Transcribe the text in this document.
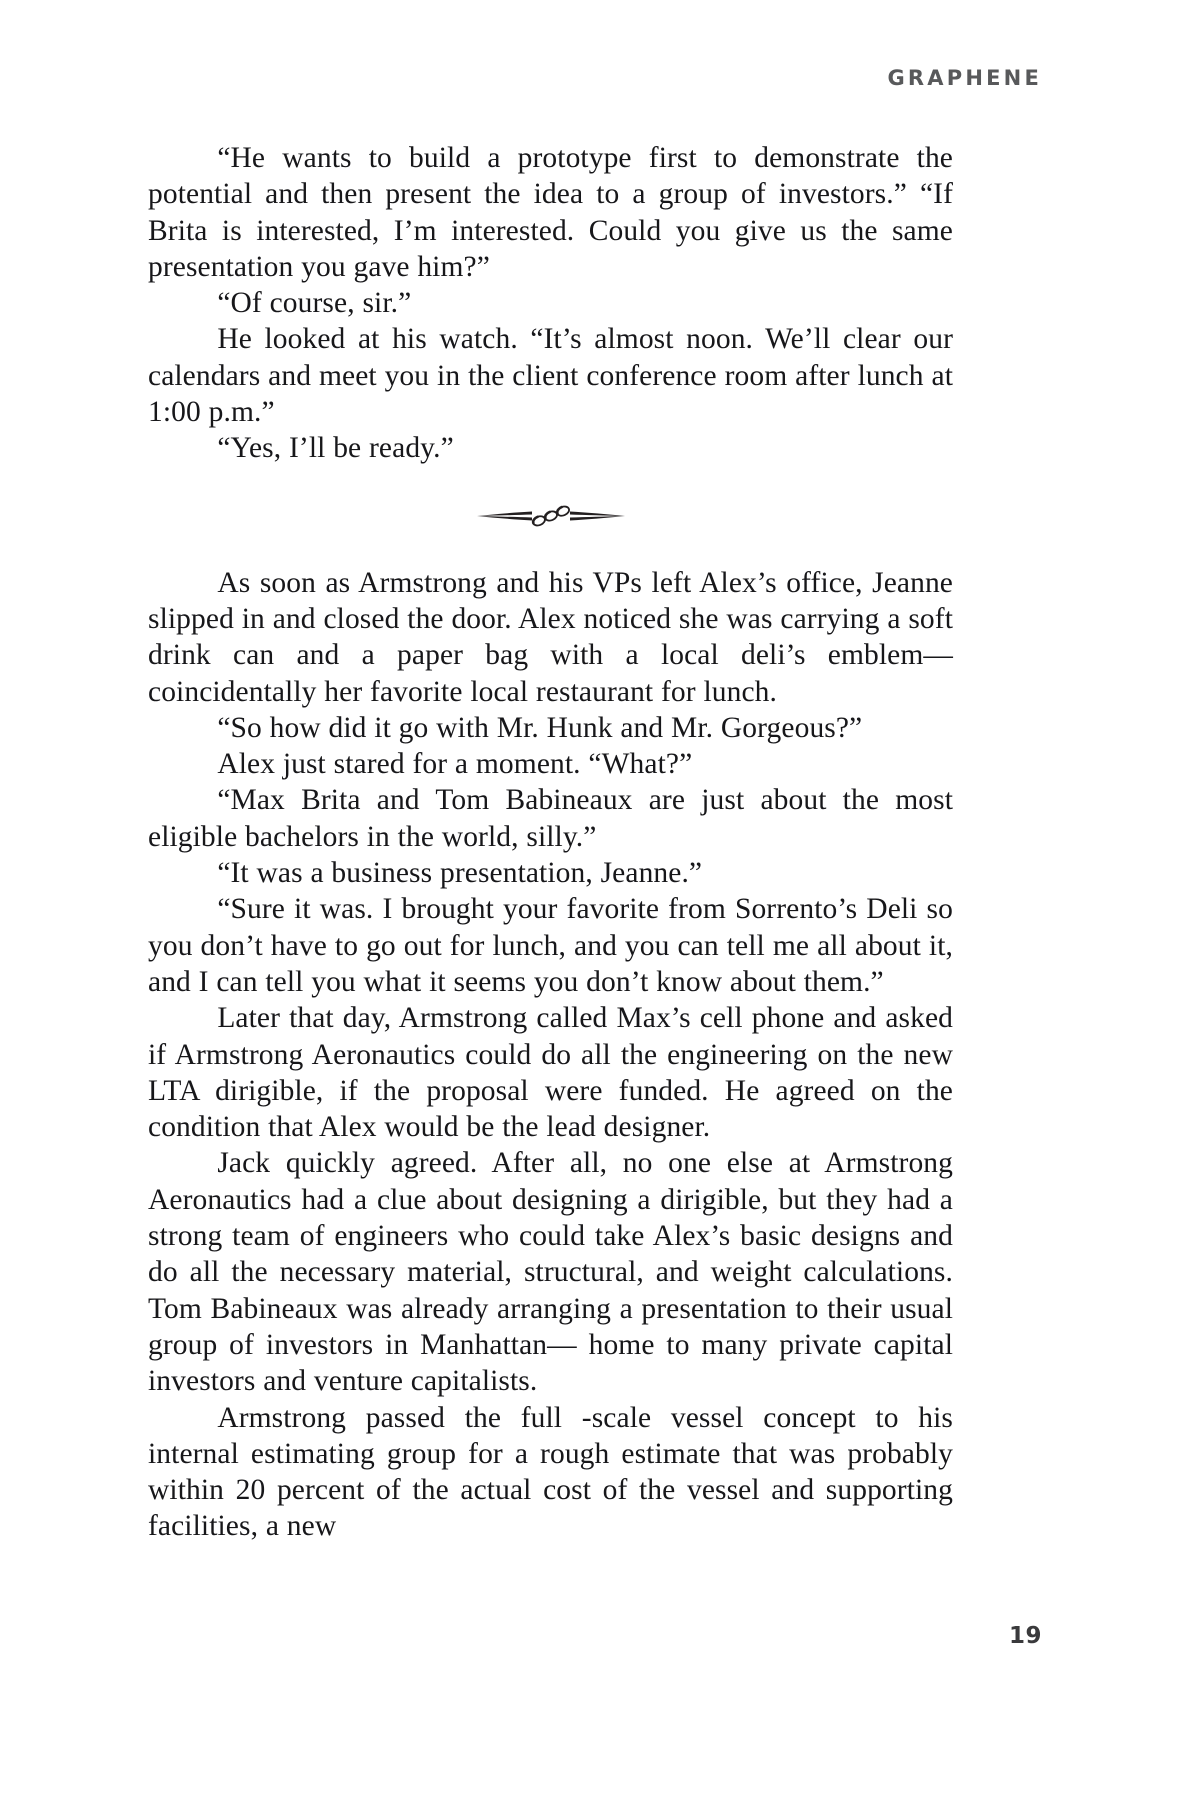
GRAPHENE

“He wants to build a prototype first to demonstrate the potential and then present the idea to a group of investors.” “If Brita is interested, I’m interested. Could you give us the same presentation you gave him?”

“Of course, sir.”

He looked at his watch. “It’s almost noon. We’ll clear our calendars and meet you in the client conference room after lunch at 1:00 p.m.”

“Yes, I’ll be ready.”

As soon as Armstrong and his VPs left Alex’s office, Jeanne slipped in and closed the door. Alex noticed she was carrying a soft drink can and a paper bag with a local deli’s emblem— coincidentally her favorite local restaurant for lunch.

“So how did it go with Mr. Hunk and Mr. Gorgeous?”

Alex just stared for a moment. “What?”

“Max Brita and Tom Babineaux are just about the most eligible bachelors in the world, silly.”

“It was a business presentation, Jeanne.”

“Sure it was. I brought your favorite from Sorrento’s Deli so you don’t have to go out for lunch, and you can tell me all about it, and I can tell you what it seems you don’t know about them.”

Later that day, Armstrong called Max’s cell phone and asked if Armstrong Aeronautics could do all the engineering on the new LTA dirigible, if the proposal were funded. He agreed on the condition that Alex would be the lead designer.

Jack quickly agreed. After all, no one else at Armstrong Aeronautics had a clue about designing a dirigible, but they had a strong team of engineers who could take Alex’s basic designs and do all the necessary material, structural, and weight calculations. Tom Babineaux was already arranging a presentation to their usual group of investors in Manhattan— home to many private capital investors and venture capitalists.

Armstrong passed the full -scale vessel concept to his internal estimating group for a rough estimate that was probably within 20 percent of the actual cost of the vessel and supporting facilities, a new

19
